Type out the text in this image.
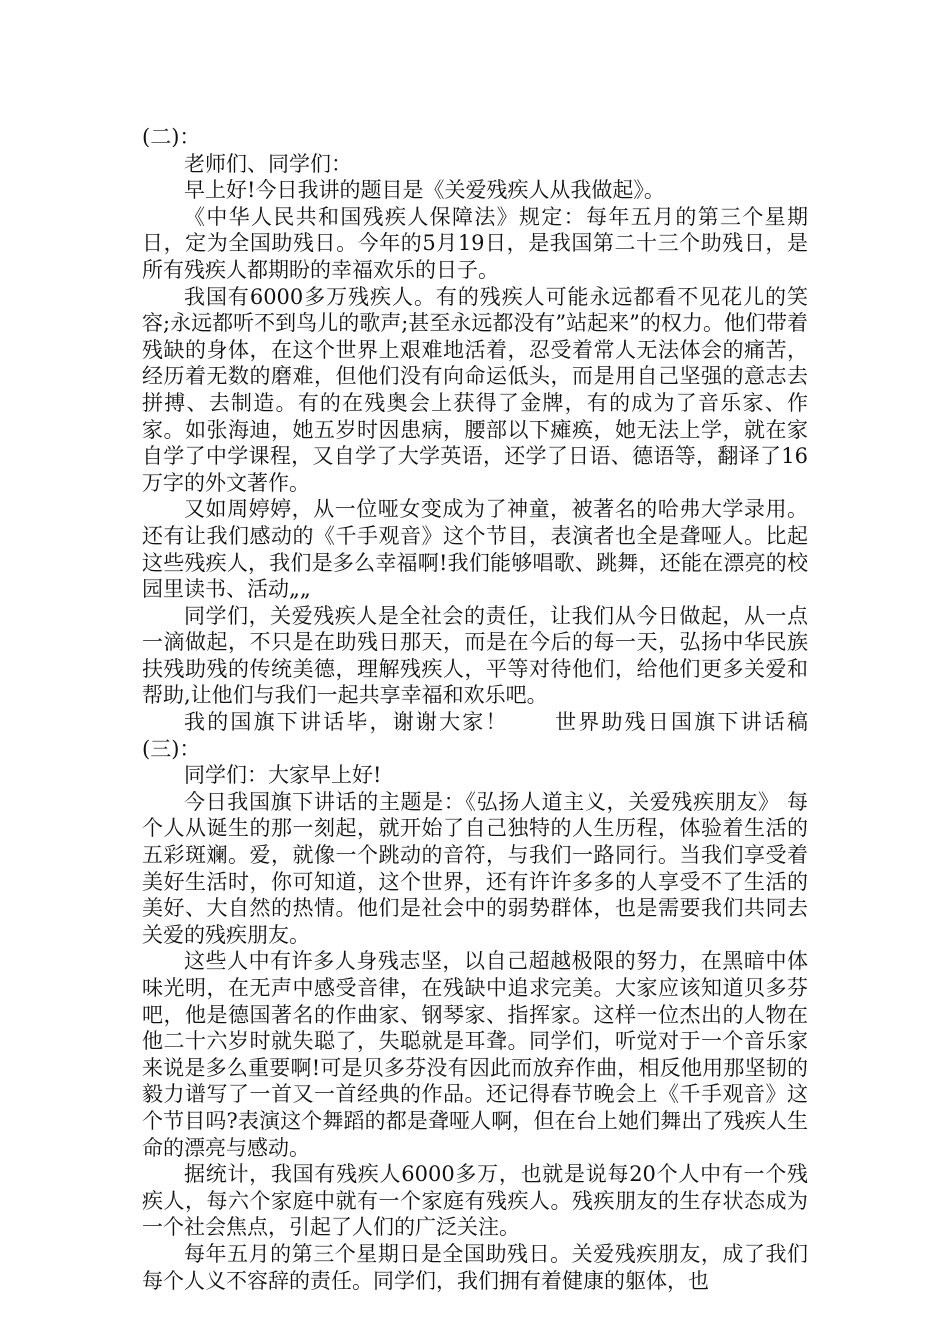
(二)：

老师们、同学们：

早上好!今日我讲的题目是《关爱残疾人从我做起》。

《中华人民共和国残疾人保障法》规定：每年五月的第三个星期日，定为全国助残日。今年的5月19日，是我国第二十三个助残日，是所有残疾人都期盼的幸福欢乐的日子。

我国有6000多万残疾人。有的残疾人可能永远都看不见花儿的笑容;永远都听不到鸟儿的歌声;甚至永远都没有”站起来”的权力。他们带着残缺的身体，在这个世界上艰难地活着，忍受着常人无法体会的痛苦，经历着无数的磨难，但他们没有向命运低头，而是用自己坚强的意志去拼搏、去制造。有的在残奥会上获得了金牌，有的成为了音乐家、作家。如张海迪，她五岁时因患病，腰部以下瘫痪，她无法上学，就在家自学了中学课程，又自学了大学英语，还学了日语、德语等，翻译了16万字的外文著作。

又如周婷婷，从一位哑女变成为了神童，被著名的哈弗大学录用。还有让我们感动的《千手观音》这个节目，表演者也全是聋哑人。比起这些残疾人，我们是多么幸福啊!我们能够唱歌、跳舞，还能在漂亮的校园里读书、活动„„

同学们，关爱残疾人是全社会的责任，让我们从今日做起，从一点一滴做起，不只是在助残日那天，而是在今后的每一天，弘扬中华民族扶残助残的传统美德，理解残疾人，平等对待他们，给他们更多关爱和帮助,让他们与我们一起共享幸福和欢乐吧。

我的国旗下讲话毕，谢谢大家！　　世界助残日国旗下讲话稿(三)：

同学们：大家早上好!

今日我国旗下讲话的主题是：《弘扬人道主义，关爱残疾朋友》 每个人从诞生的那一刻起，就开始了自己独特的人生历程，体验着生活的五彩斑斓。爱，就像一个跳动的音符，与我们一路同行。当我们享受着美好生活时，你可知道，这个世界，还有许许多多的人享受不了生活的美好、大自然的热情。他们是社会中的弱势群体，也是需要我们共同去关爱的残疾朋友。

这些人中有许多人身残志坚，以自己超越极限的努力，在黑暗中体味光明，在无声中感受音律，在残缺中追求完美。大家应该知道贝多芬吧，他是德国著名的作曲家、钢琴家、指挥家。这样一位杰出的人物在他二十六岁时就失聪了，失聪就是耳聋。同学们，听觉对于一个音乐家来说是多么重要啊!可是贝多芬没有因此而放弃作曲，相反他用那坚韧的毅力谱写了一首又一首经典的作品。还记得春节晚会上《千手观音》这个节目吗?表演这个舞蹈的都是聋哑人啊，但在台上她们舞出了残疾人生命的漂亮与感动。

据统计，我国有残疾人6000多万，也就是说每20个人中有一个残疾人，每六个家庭中就有一个家庭有残疾人。残疾朋友的生存状态成为一个社会焦点，引起了人们的广泛关注。

每年五月的第三个星期日是全国助残日。关爱残疾朋友，成了我们每个人义不容辞的责任。同学们，我们拥有着健康的躯体，也
